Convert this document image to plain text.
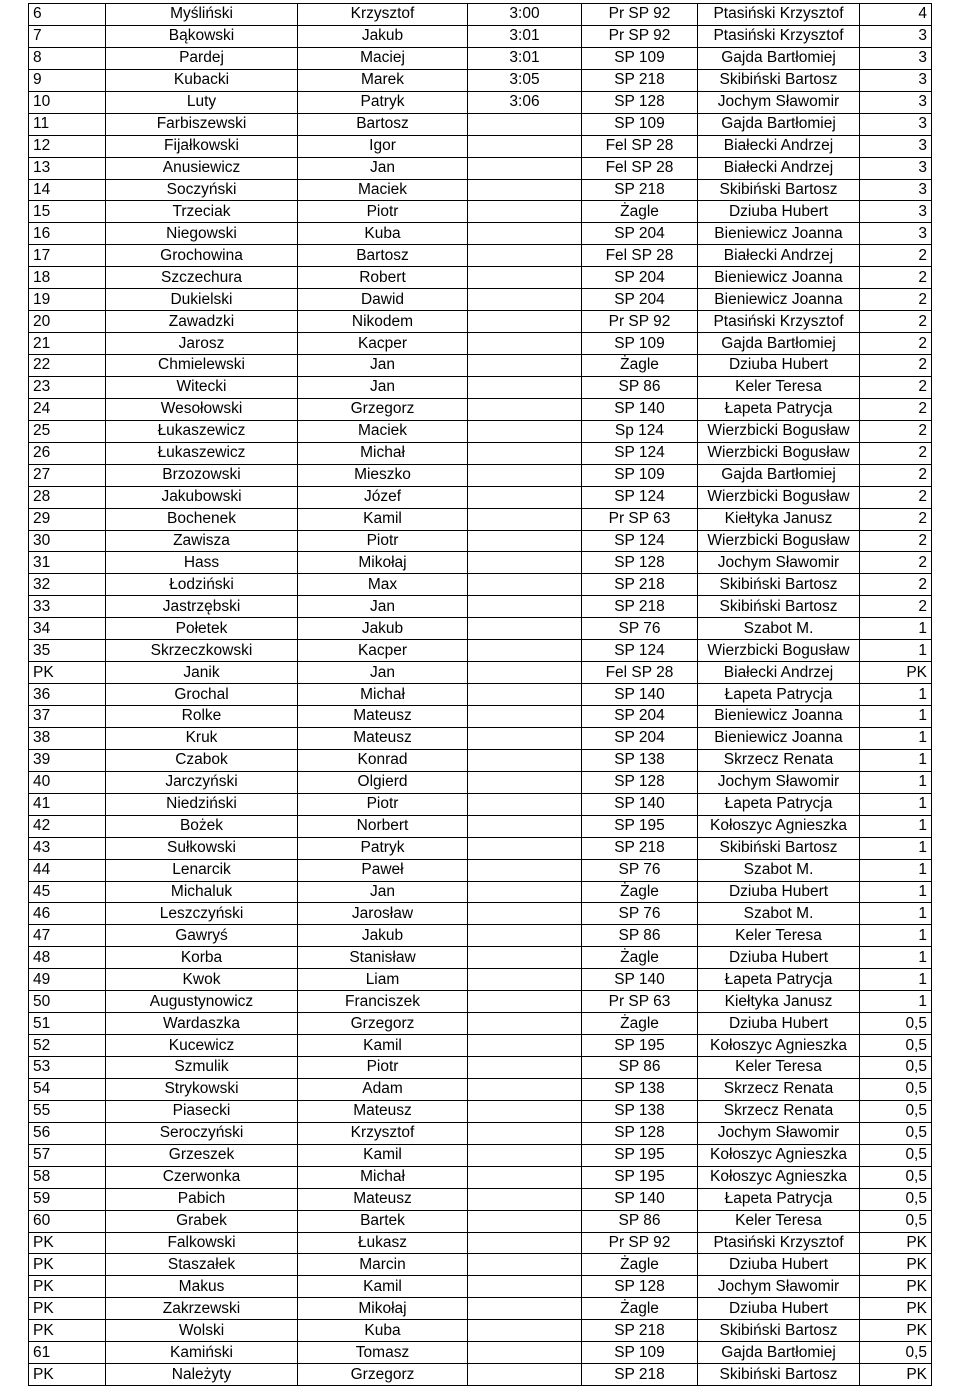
6	Myśliński	Krzysztof	3:00	Pr SP 92	Ptasiński Krzysztof	4
7	Bąkowski	Jakub	3:01	Pr SP 92	Ptasiński Krzysztof	3
8	Pardej	Maciej	3:01	SP 109	Gajda Bartłomiej	3
9	Kubacki	Marek	3:05	SP 218	Skibiński Bartosz	3
10	Luty	Patryk	3:06	SP 128	Jochym Sławomir	3
11	Farbiszewski	Bartosz		SP 109	Gajda Bartłomiej	3
12	Fijałkowski	Igor		Fel SP 28	Białecki Andrzej	3
13	Anusiewicz	Jan		Fel SP 28	Białecki Andrzej	3
14	Soczyński	Maciek		SP 218	Skibiński Bartosz	3
15	Trzeciak	Piotr		Żagle	Dziuba Hubert	3
16	Niegowski	Kuba		SP 204	Bieniewicz Joanna	3
17	Grochowina	Bartosz		Fel SP 28	Białecki Andrzej	2
18	Szczechura	Robert		SP 204	Bieniewicz Joanna	2
19	Dukielski	Dawid		SP 204	Bieniewicz Joanna	2
20	Zawadzki	Nikodem		Pr SP 92	Ptasiński Krzysztof	2
21	Jarosz	Kacper		SP 109	Gajda Bartłomiej	2
22	Chmielewski	Jan		Żagle	Dziuba Hubert	2
23	Witecki	Jan		SP 86	Keler Teresa	2
24	Wesołowski	Grzegorz		SP 140	Łapeta Patrycja	2
25	Łukaszewicz	Maciek		Sp 124	Wierzbicki Bogusław	2
26	Łukaszewicz	Michał		SP 124	Wierzbicki Bogusław	2
27	Brzozowski	Mieszko		SP 109	Gajda Bartłomiej	2
28	Jakubowski	Józef		SP 124	Wierzbicki Bogusław	2
29	Bochenek	Kamil		Pr SP 63	Kiełtyka Janusz	2
30	Zawisza	Piotr		SP 124	Wierzbicki Bogusław	2
31	Hass	Mikołaj		SP 128	Jochym Sławomir	2
32	Łodziński	Max		SP 218	Skibiński Bartosz	2
33	Jastrzębski	Jan		SP 218	Skibiński Bartosz	2
34	Połetek	Jakub		SP 76	Szabot M.	1
35	Skrzeczkowski	Kacper		SP 124	Wierzbicki Bogusław	1
PK	Janik	Jan		Fel SP 28	Białecki Andrzej	PK
36	Grochal	Michał		SP 140	Łapeta Patrycja	1
37	Rolke	Mateusz		SP 204	Bieniewicz Joanna	1
38	Kruk	Mateusz		SP 204	Bieniewicz Joanna	1
39	Czabok	Konrad		SP 138	Skrzecz Renata	1
40	Jarczyński	Olgierd		SP 128	Jochym Sławomir	1
41	Niedziński	Piotr		SP 140	Łapeta Patrycja	1
42	Bożek	Norbert		SP 195	Kołoszyc Agnieszka	1
43	Sułkowski	Patryk		SP 218	Skibiński Bartosz	1
44	Lenarcik	Paweł		SP 76	Szabot M.	1
45	Michaluk	Jan		Żagle	Dziuba Hubert	1
46	Leszczyński	Jarosław		SP 76	Szabot M.	1
47	Gawryś	Jakub		SP 86	Keler Teresa	1
48	Korba	Stanisław		Żagle	Dziuba Hubert	1
49	Kwok	Liam		SP 140	Łapeta Patrycja	1
50	Augustynowicz	Franciszek		Pr SP 63	Kiełtyka Janusz	1
51	Wardaszka	Grzegorz		Żagle	Dziuba Hubert	0,5
52	Kucewicz	Kamil		SP 195	Kołoszyc Agnieszka	0,5
53	Szmulik	Piotr		SP 86	Keler Teresa	0,5
54	Strykowski	Adam		SP 138	Skrzecz Renata	0,5
55	Piasecki	Mateusz		SP 138	Skrzecz Renata	0,5
56	Seroczyński	Krzysztof		SP 128	Jochym Sławomir	0,5
57	Grzeszek	Kamil		SP 195	Kołoszyc Agnieszka	0,5
58	Czerwonka	Michał		SP 195	Kołoszyc Agnieszka	0,5
59	Pabich	Mateusz		SP 140	Łapeta Patrycja	0,5
60	Grabek	Bartek		SP 86	Keler Teresa	0,5
PK	Falkowski	Łukasz		Pr SP 92	Ptasiński Krzysztof	PK
PK	Staszałek	Marcin		Żagle	Dziuba Hubert	PK
PK	Makus	Kamil		SP 128	Jochym Sławomir	PK
PK	Zakrzewski	Mikołaj		Żagle	Dziuba Hubert	PK
PK	Wolski	Kuba		SP 218	Skibiński Bartosz	PK
61	Kamiński	Tomasz		SP 109	Gajda Bartłomiej	0,5
PK	Należyty	Grzegorz		SP 218	Skibiński Bartosz	PK
